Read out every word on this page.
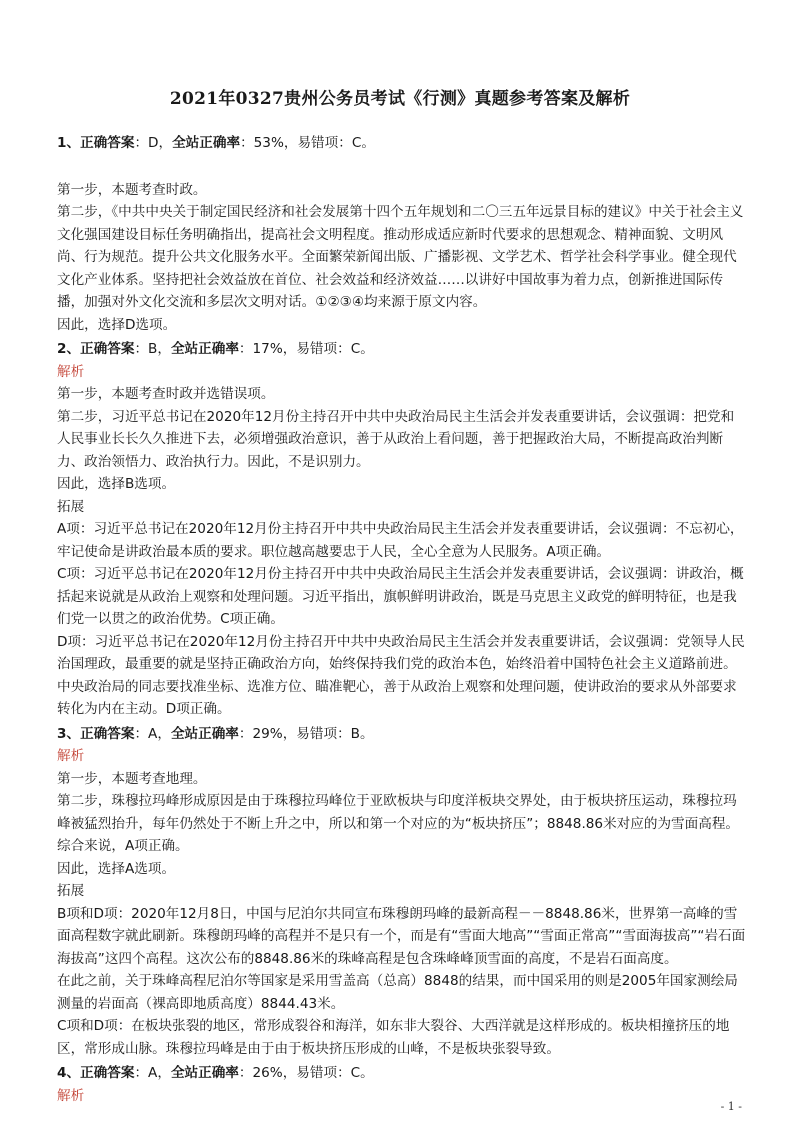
2021年0327贵州公务员考试《行测》真题参考答案及解析
1、正确答案：D，全站正确率：53%，易错项：C。

第一步，本题考查时政。

第二步，《中共中央关于制定国民经济和社会发展第十四个五年规划和二〇三五年远景目标的建议》中关于社会主义文化强国建设目标任务明确指出，提高社会文明程度。推动形成适应新时代要求的思想观念、精神面貌、文明风尚、行为规范。提升公共文化服务水平。全面繁荣新闻出版、广播影视、文学艺术、哲学社会科学事业。健全现代文化产业体系。坚持把社会效益放在首位、社会效益和经济效益……以讲好中国故事为着力点，创新推进国际传播，加强对外文化交流和多层次文明对话。①②③④均来源于原文内容。

因此，选择D选项。

2、正确答案：B，全站正确率：17%，易错项：C。
解析

第一步，本题考查时政并选错误项。

第二步，习近平总书记在2020年12月份主持召开中共中央政治局民主生活会并发表重要讲话，会议强调：把党和人民事业长长久久推进下去，必须增强政治意识，善于从政治上看问题，善于把握政治大局，不断提高政治判断力、政治领悟力、政治执行力。因此，不是识别力。

因此，选择B选项。

拓展

A项：习近平总书记在2020年12月份主持召开中共中央政治局民主生活会并发表重要讲话，会议强调：不忘初心，牢记使命是讲政治最本质的要求。职位越高越要忠于人民，全心全意为人民服务。A项正确。

C项：习近平总书记在2020年12月份主持召开中共中央政治局民主生活会并发表重要讲话，会议强调：讲政治，概括起来说就是从政治上观察和处理问题。习近平指出，旗帜鲜明讲政治，既是马克思主义政党的鲜明特征，也是我们党一以贯之的政治优势。C项正确。

D项：习近平总书记在2020年12月份主持召开中共中央政治局民主生活会并发表重要讲话，会议强调：党领导人民治国理政，最重要的就是坚持正确政治方向，始终保持我们党的政治本色，始终沿着中国特色社会主义道路前进。中央政治局的同志要找准坐标、选准方位、瞄准靶心，善于从政治上观察和处理问题，使讲政治的要求从外部要求转化为内在主动。D项正确。

3、正确答案：A，全站正确率：29%，易错项：B。
解析

第一步，本题考查地理。

第二步，珠穆拉玛峰形成原因是由于珠穆拉玛峰位于亚欧板块与印度洋板块交界处，由于板块挤压运动，珠穆拉玛峰被猛烈抬升，每年仍然处于不断上升之中，所以和第一个对应的为“板块挤压”；8848.86米对应的为雪面高程。综合来说，A项正确。

因此，选择A选项。

拓展

B项和D项：2020年12月8日，中国与尼泊尔共同宣布珠穆朗玛峰的最新高程－－8848.86米，世界第一高峰的雪面高程数字就此刷新。珠穆朗玛峰的高程并不是只有一个，而是有“雪面大地高”“雪面正常高”“雪面海拔高”“岩石面海拔高”这四个高程。这次公布的8848.86米的珠峰高程是包含珠峰峰顶雪面的高度，不是岩石面高度。

在此之前，关于珠峰高程尼泊尔等国家是采用雪盖高（总高）8848的结果，而中国采用的则是2005年国家测绘局测量的岩面高（裸高即地质高度）8844.43米。

C项和D项：在板块张裂的地区，常形成裂谷和海洋，如东非大裂谷、大西洋就是这样形成的。板块相撞挤压的地区，常形成山脉。珠穆拉玛峰是由于由于板块挤压形成的山峰，不是板块张裂导致。

4、正确答案：A，全站正确率：26%，易错项：C。
解析
- 1 -
